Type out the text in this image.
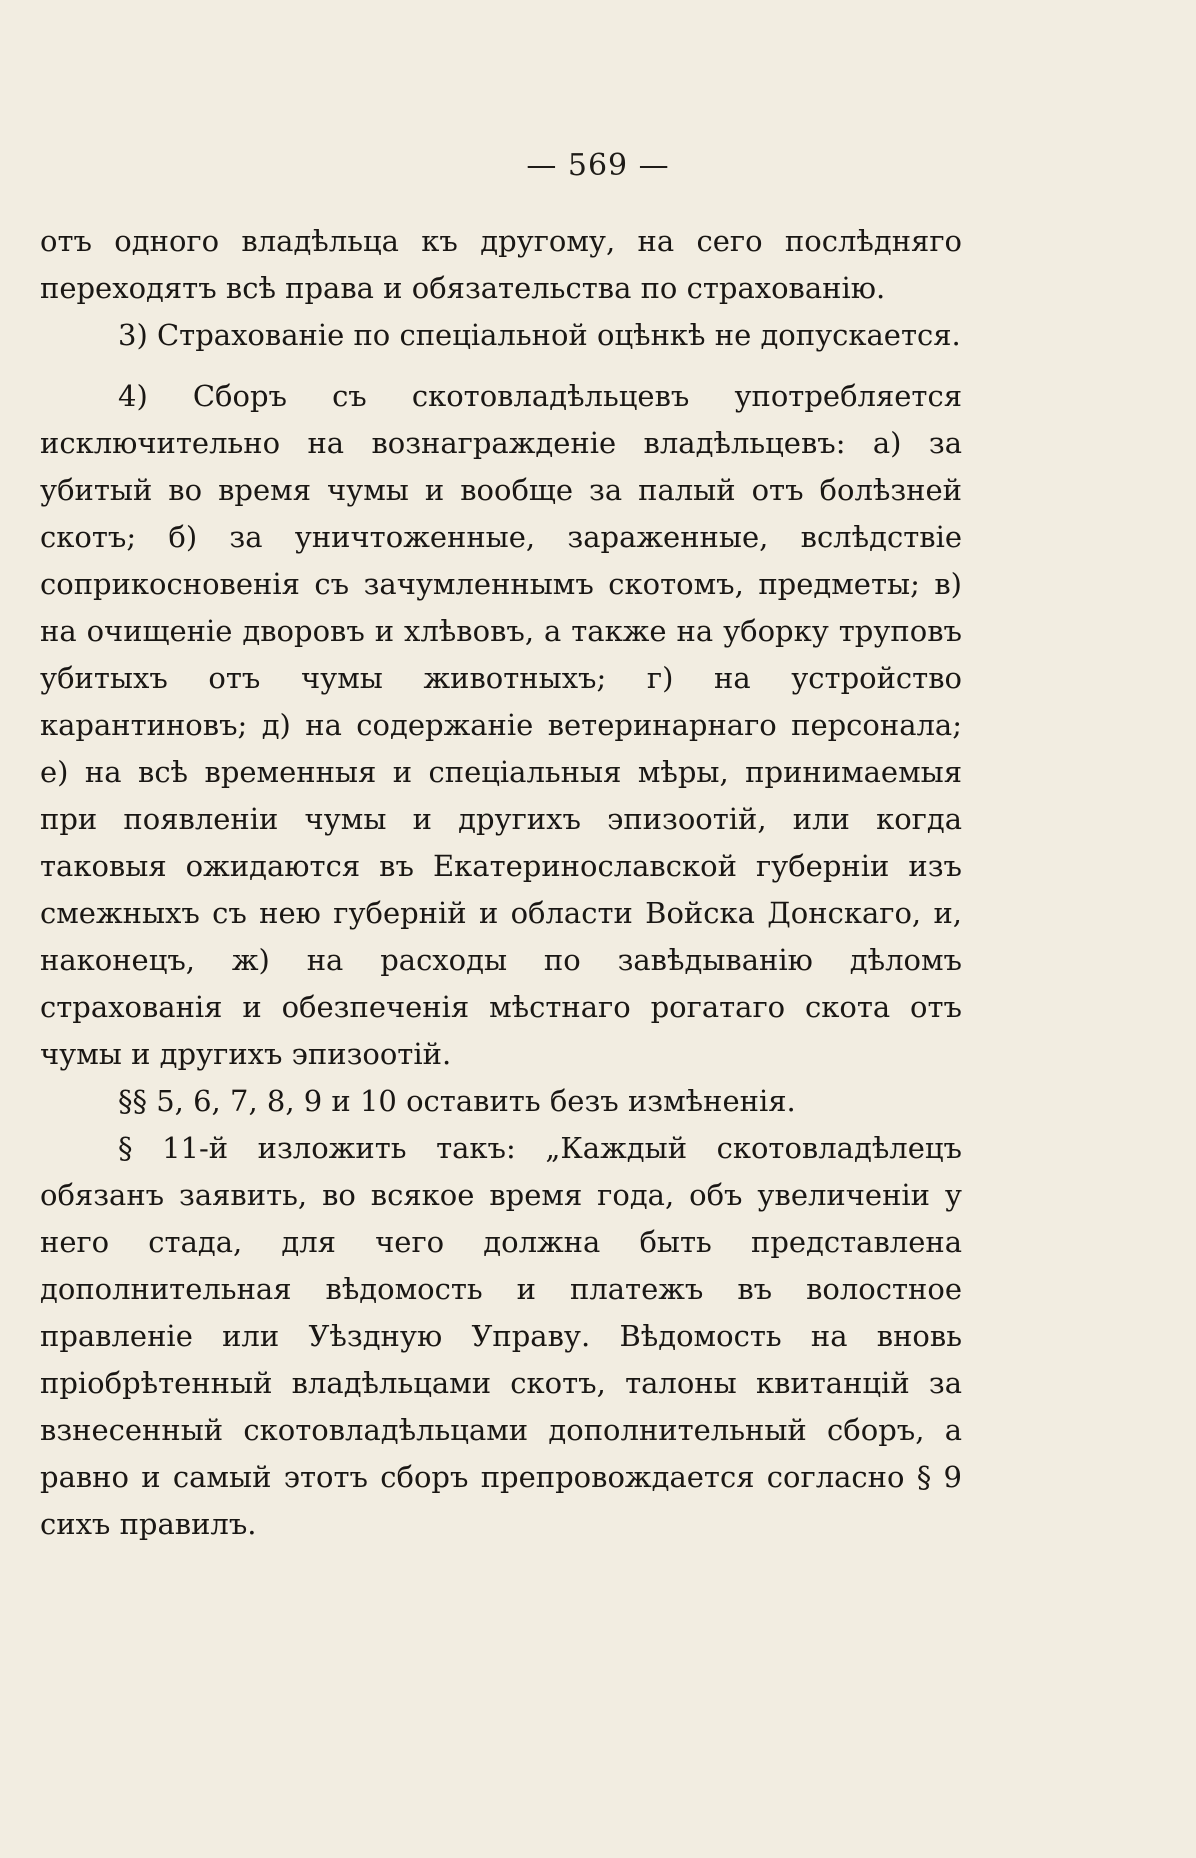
— 569 —

отъ одного владѣльца къ другому, на сего послѣдняго переходятъ всѣ права и обязательства по страхованію.

3) Страхованіе по спеціальной оцѣнкѣ не допускается.

4) Сборъ съ скотовладѣльцевъ употребляется исключительно на вознагражденіе владѣльцевъ: а) за убитый во время чумы и вообще за палый отъ болѣзней скотъ; б) за уничтоженные, зараженные, вслѣдствіе соприкосновенія съ зачумленнымъ скотомъ, предметы; в) на очищеніе дворовъ и хлѣвовъ, а также на уборку труповъ убитыхъ отъ чумы животныхъ; г) на устройство карантиновъ; д) на содержаніе ветеринарнаго персонала; е) на всѣ временныя и спеціальныя мѣры, принимаемыя при появленіи чумы и другихъ эпизоотій, или когда таковыя ожидаются въ Екатеринославской губерніи изъ смежныхъ съ нею губерній и области Войска Донскаго, и, наконецъ, ж) на расходы по завѣдыванію дѣломъ страхованія и обезпеченія мѣстнаго рогатаго скота отъ чумы и другихъ эпизоотій.

§§ 5, 6, 7, 8, 9 и 10 оставить безъ измѣненія.

§ 11-й изложить такъ: „Каждый скотовладѣлецъ обязанъ заявить, во всякое время года, объ увеличеніи у него стада, для чего должна быть представлена дополнительная вѣдомость и платежъ въ волостное правленіе или Уѣздную Управу. Вѣдомость на вновь пріобрѣтенный владѣльцами скотъ, талоны квитанцій за взнесенный скотовладѣльцами дополнительный сборъ, а равно и самый этотъ сборъ препровождается согласно § 9 сихъ правилъ.
